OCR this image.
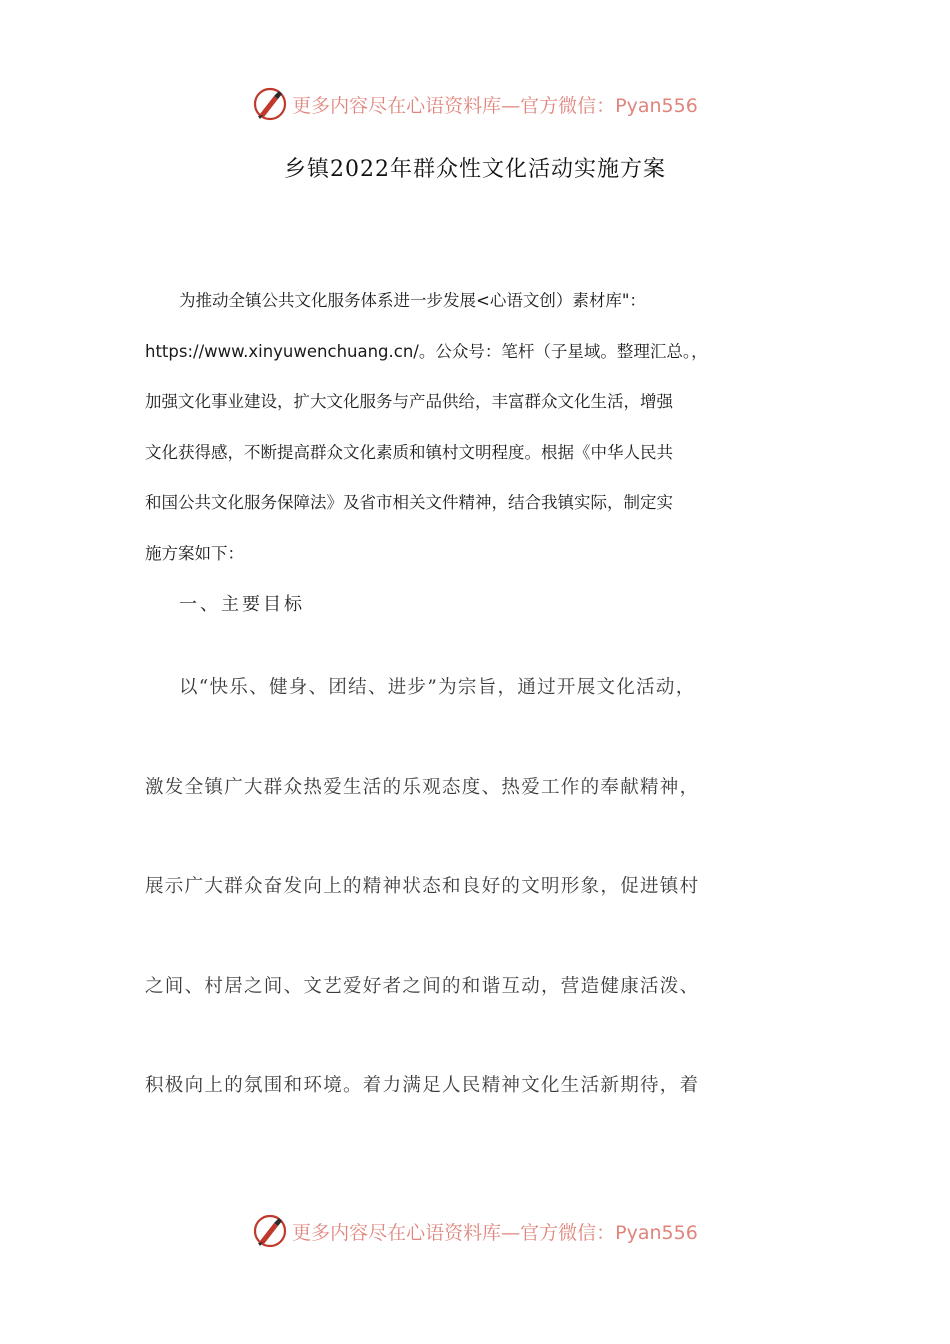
更多内容尽在心语资料库—官方微信：Pyan556
乡镇2022年群众性文化活动实施方案

为推动全镇公共文化服务体系进一步发展<心语文创）素材库"：

https://www.xinyuwenchuang.cn/。公众号：笔杆（子星域。整理汇总。，

加强文化事业建设，扩大文化服务与产品供给，丰富群众文化生活，增强

文化获得感，不断提高群众文化素质和镇村文明程度。根据《中华人民共

和国公共文化服务保障法》及省市相关文件精神，结合我镇实际，制定实

施方案如下：

一、主要目标

以“快乐、健身、团结、进步”为宗旨，通过开展文化活动，

激发全镇广大群众热爱生活的乐观态度、热爱工作的奉献精神，

展示广大群众奋发向上的精神状态和良好的文明形象，促进镇村

之间、村居之间、文艺爱好者之间的和谐互动，营造健康活泼、

积极向上的氛围和环境。着力满足人民精神文化生活新期待，着

更多内容尽在心语资料库—官方微信：Pyan556
